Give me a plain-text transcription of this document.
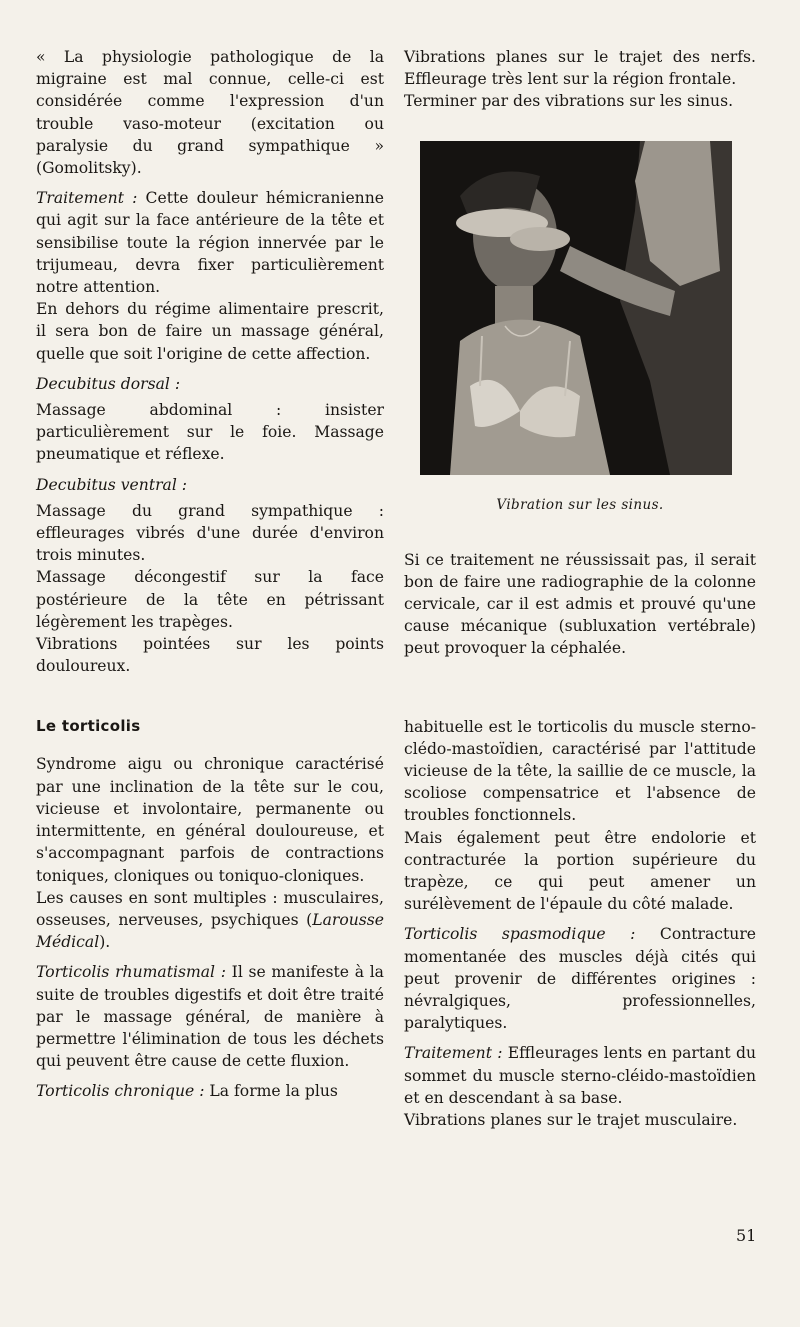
« La physiologie pathologique de la migraine est mal connue, celle-ci est considérée comme l'expression d'un trouble vaso-moteur (excitation ou paralysie du grand sympathique » (Gomolitsky).

Traitement : Cette douleur hémicranienne qui agit sur la face antérieure de la tête et sensibilise toute la région innervée par le trijumeau, devra fixer particulièrement notre attention.

En dehors du régime alimentaire prescrit, il sera bon de faire un massage général, quelle que soit l'origine de cette affection.

Decubitus dorsal :

Massage abdominal : insister particulièrement sur le foie. Massage pneumatique et réflexe.

Decubitus ventral :

Massage du grand sympathique : effleurages vibrés d'une durée d'environ trois minutes.

Massage décongestif sur la face postérieure de la tête en pétrissant légèrement les trapèges.

Vibrations pointées sur les points douloureux.

Le torticolis

Syndrome aigu ou chronique caractérisé par une inclination de la tête sur le cou, vicieuse et involontaire, permanente ou intermittente, en général douloureuse, et s'accompagnant parfois de contractions toniques, cloniques ou toniquo-cloniques.

Les causes en sont multiples : musculaires, osseuses, nerveuses, psychiques (Larousse Médical).

Torticolis rhumatismal : Il se manifeste à la suite de troubles digestifs et doit être traité par le massage général, de manière à permettre l'élimination de tous les déchets qui peuvent être cause de cette fluxion.

Torticolis chronique : La forme la plus

Vibrations planes sur le trajet des nerfs. Effleurage très lent sur la région frontale.

Terminer par des vibrations sur les sinus.

Vibration sur les sinus.

Si ce traitement ne réussissait pas, il serait bon de faire une radiographie de la colonne cervicale, car il est admis et prouvé qu'une cause mécanique (subluxation vertébrale) peut provoquer la céphalée.

habituelle est le torticolis du muscle sterno-clédo-mastoïdien, caractérisé par l'attitude vicieuse de la tête, la saillie de ce muscle, la scoliose compensatrice et l'absence de troubles fonctionnels.

Mais également peut être endolorie et contracturée la portion supérieure du trapèze, ce qui peut amener un surélèvement de l'épaule du côté malade.

Torticolis spasmodique : Contracture momentanée des muscles déjà cités qui peut provenir de différentes origines : névralgiques, professionnelles, paralytiques.

Traitement : Effleurages lents en partant du sommet du muscle sterno-cléido-mastoïdien et en descendant à sa base.

Vibrations planes sur le trajet musculaire.

51
